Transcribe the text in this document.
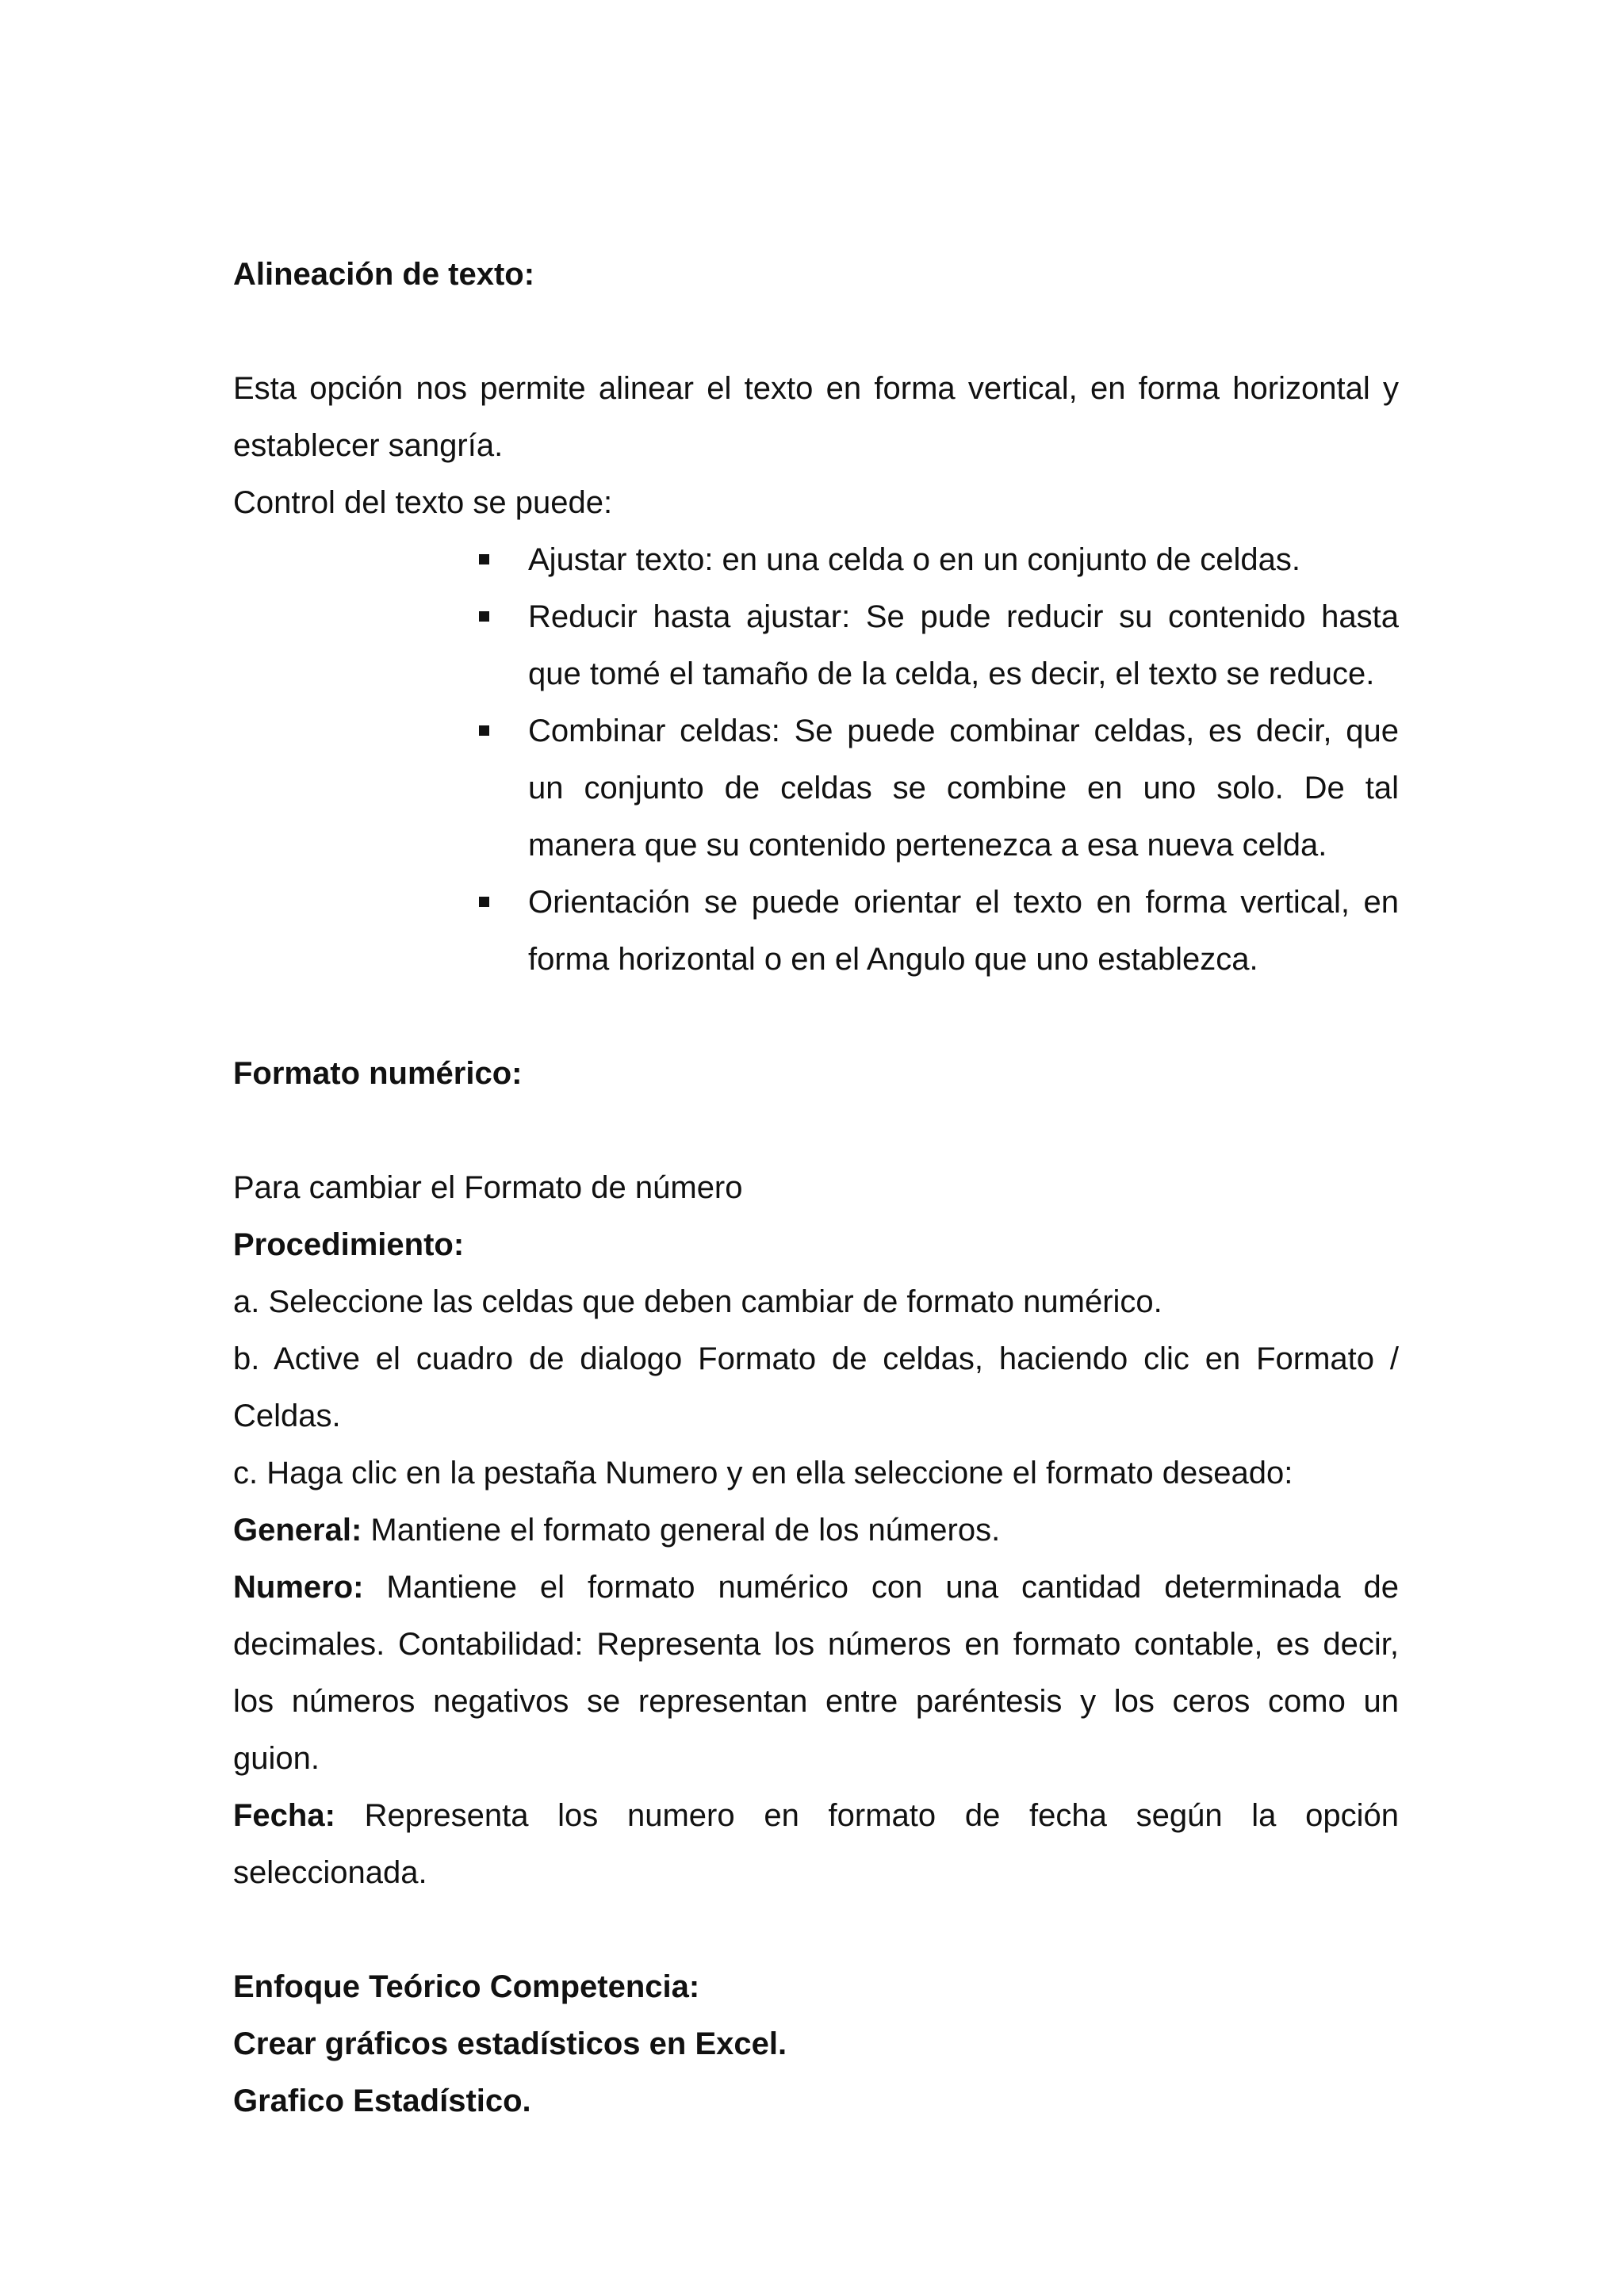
Alineación de texto:
Esta opción nos permite alinear el texto en forma vertical, en forma horizontal y
establecer sangría.
Control del texto se puede:
Ajustar texto: en una celda o en un conjunto de celdas.
Reducir hasta ajustar: Se pude reducir su contenido hasta
que tomé el tamaño de la celda, es decir, el texto se reduce.
Combinar celdas: Se puede combinar celdas, es decir, que
un conjunto de celdas se combine en uno solo. De tal
manera que su contenido pertenezca a esa nueva celda.
Orientación se puede orientar el texto en forma vertical, en
forma horizontal o en el Angulo que uno establezca.
Formato numérico:
Para cambiar el Formato de número
Procedimiento:
a. Seleccione las celdas que deben cambiar de formato numérico.
b. Active el cuadro de dialogo Formato de celdas, haciendo clic en Formato /
Celdas.
c. Haga clic en la pestaña Numero y en ella seleccione el formato deseado:
General: Mantiene el formato general de los números.
Numero: Mantiene el formato numérico con una cantidad determinada de
decimales. Contabilidad: Representa los números en formato contable, es decir,
los números negativos se representan entre paréntesis y los ceros como un
guion.
Fecha: Representa los numero en formato de fecha según la opción
seleccionada.
Enfoque Teórico Competencia:
Crear gráficos estadísticos en Excel.
Grafico Estadístico.
